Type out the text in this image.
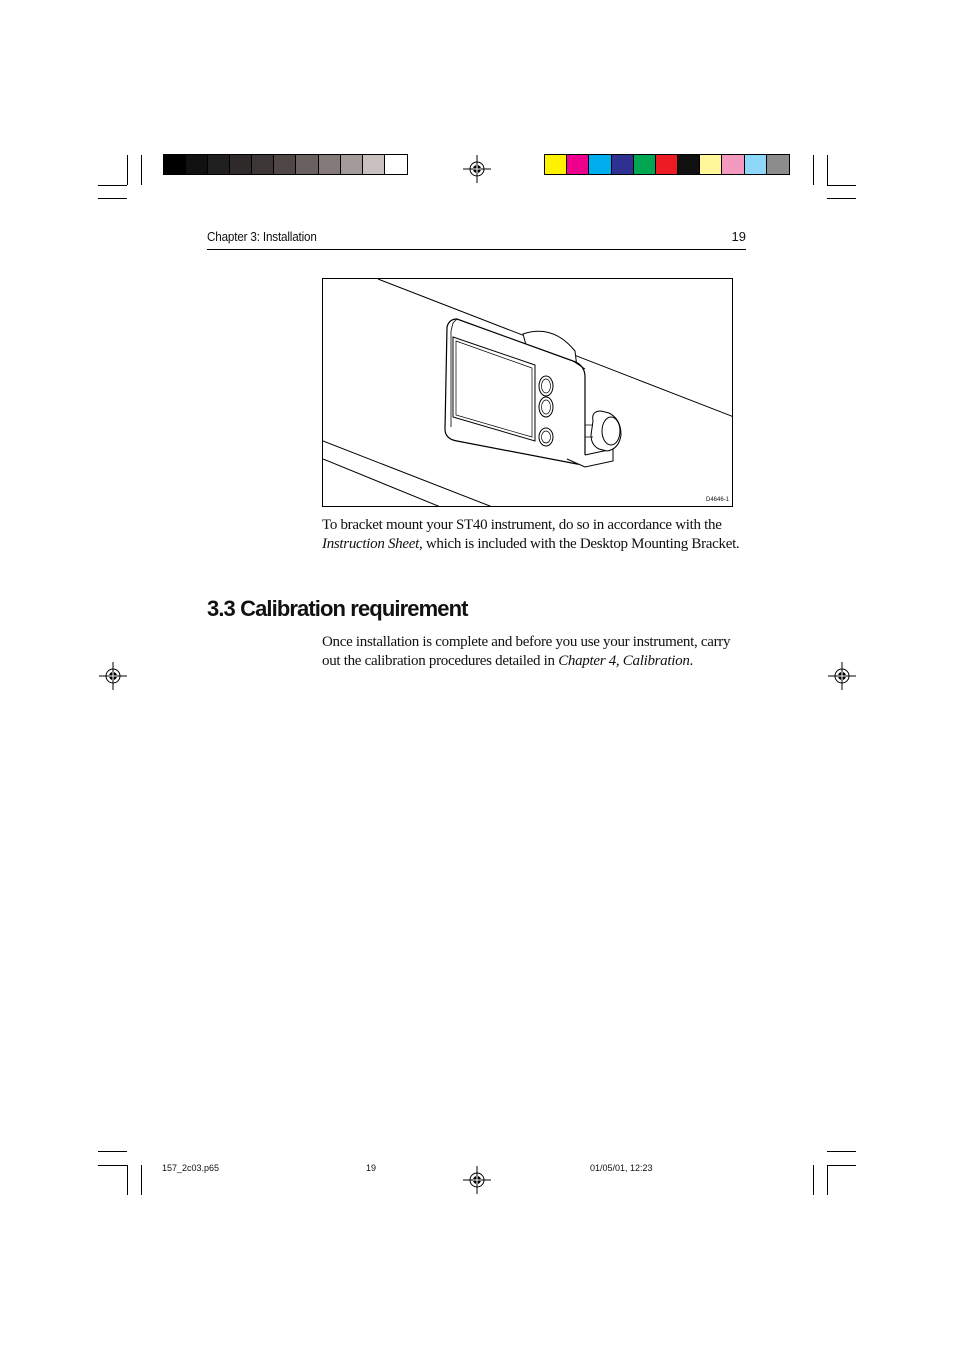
Chapter 3: Installation	19
D4646-1
To bracket mount your ST40 instrument, do so in accordance with the Instruction Sheet, which is included with the Desktop Mounting Bracket.
3.3 Calibration requirement
Once installation is complete and before you use your instrument, carry out the calibration procedures detailed in Chapter 4, Calibration.
157_2c03.p65	19	01/05/01, 12:23
